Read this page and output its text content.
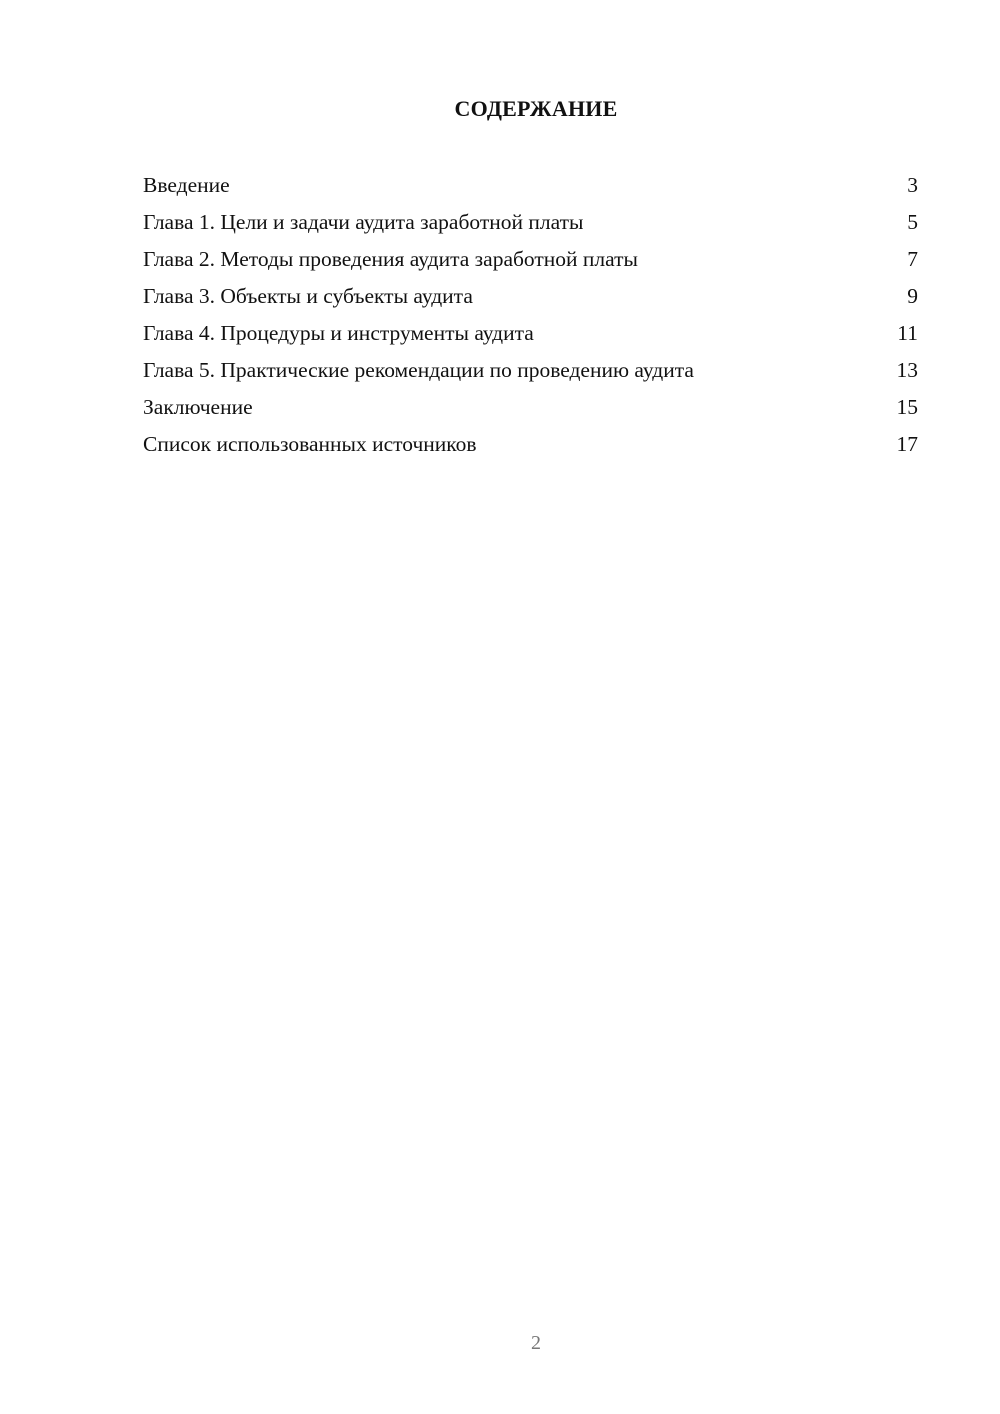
СОДЕРЖАНИЕ
Введение	3
Глава 1. Цели и задачи аудита заработной платы	5
Глава 2. Методы проведения аудита заработной платы	7
Глава 3. Объекты и субъекты аудита	9
Глава 4. Процедуры и инструменты аудита	11
Глава 5. Практические рекомендации по проведению аудита	13
Заключение	15
Список использованных источников	17
2
